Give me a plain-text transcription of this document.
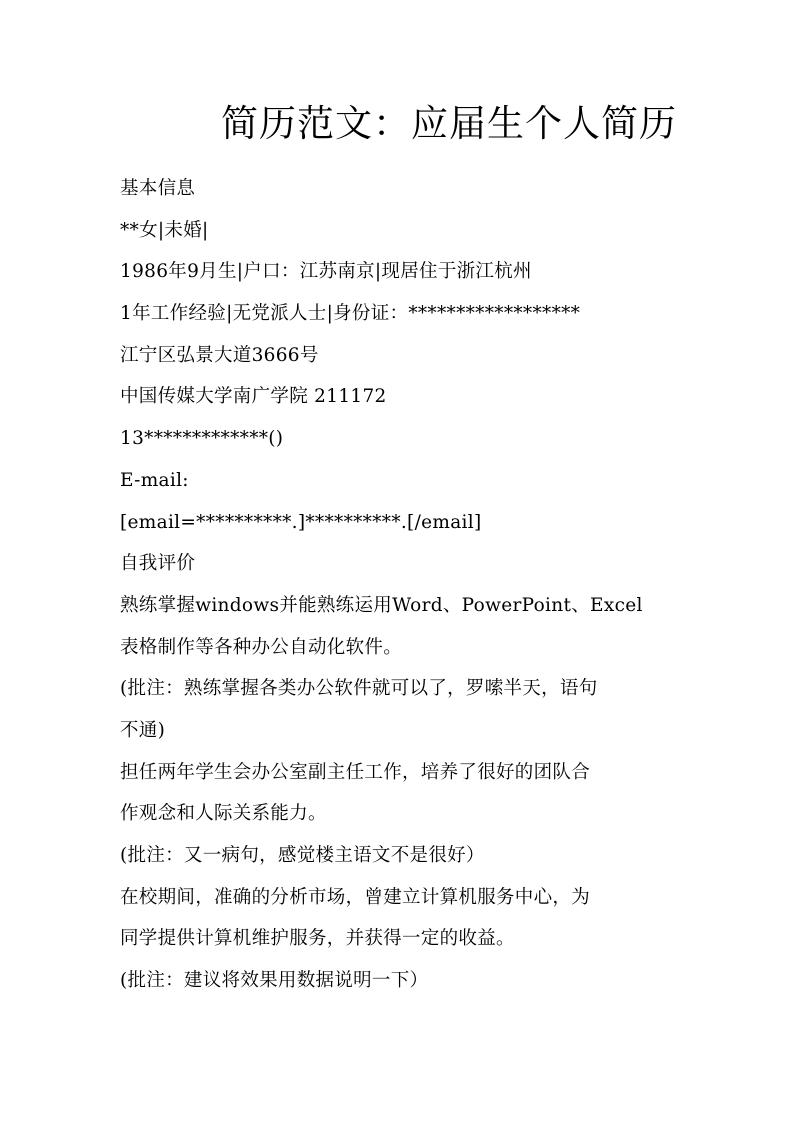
简历范文：应届生个人简历

基本信息

**女|未婚|

1986年9月生|户口：江苏南京|现居住于浙江杭州

1年工作经验|无党派人士|身份证：******************

江宁区弘景大道3666号

中国传媒大学南广学院 211172

13*************()

E-mail:

[email=**********.]**********.[/email]

自我评价

熟练掌握windows并能熟练运用Word、PowerPoint、Excel

表格制作等各种办公自动化软件。

(批注：熟练掌握各类办公软件就可以了，罗嗦半天，语句

不通)

担任两年学生会办公室副主任工作，培养了很好的团队合

作观念和人际关系能力。

(批注：又一病句，感觉楼主语文不是很好）

在校期间，准确的分析市场，曾建立计算机服务中心，为

同学提供计算机维护服务，并获得一定的收益。

(批注：建议将效果用数据说明一下）
